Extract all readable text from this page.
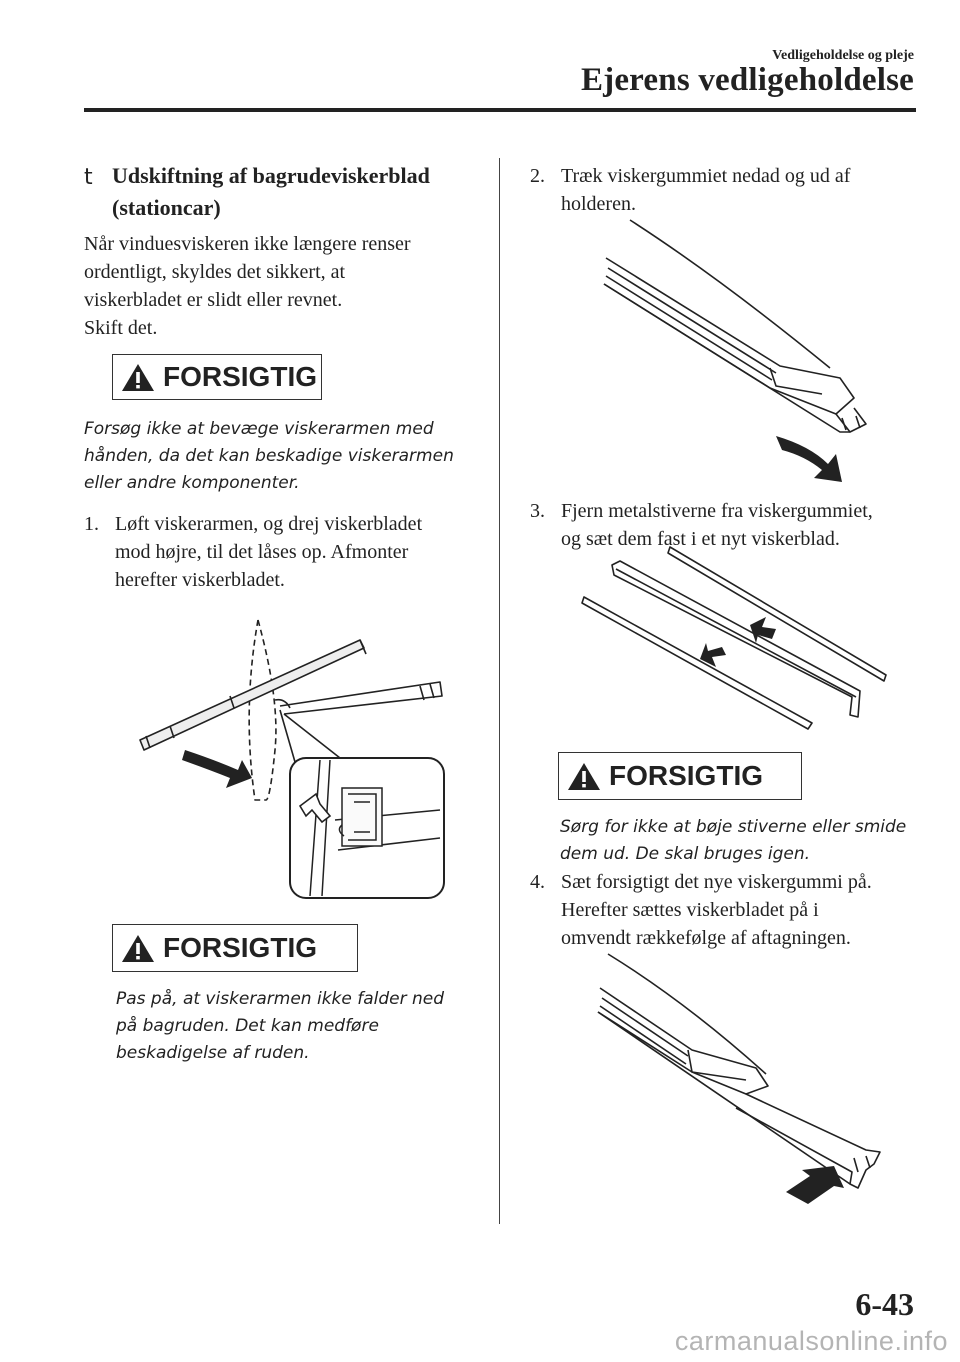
Vedligeholdelse og pleje
Ejerens vedligeholdelse
t Udskiftning af bagrudeviskerblad
(stationcar)

Når vinduesviskeren ikke længere renser

ordentligt, skyldes det sikkert, at

viskerbladet er slidt eller revnet.

Skift det.

FORSIGTIG
Forsøg ikke at bevæge viskerarmen med
hånden, da det kan beskadige viskerarmen
eller andre komponenter.
1. Løft viskerarmen, og drej viskerbladet
mod højre, til det låses op. Afmonter
herefter viskerbladet.
FORSIGTIG
Pas på, at viskerarmen ikke falder ned
på bagruden. Det kan medføre
beskadigelse af ruden.
2. Træk viskergummiet nedad og ud af
holderen.
3. Fjern metalstiverne fra viskergummiet,
og sæt dem fast i et nyt viskerblad.
FORSIGTIG
Sørg for ikke at bøje stiverne eller smide
dem ud. De skal bruges igen.
4. Sæt forsigtigt det nye viskergummi på.
Herefter sættes viskerbladet på i
omvendt rækkefølge af aftagningen.
6-43
carmanualsonline.info
